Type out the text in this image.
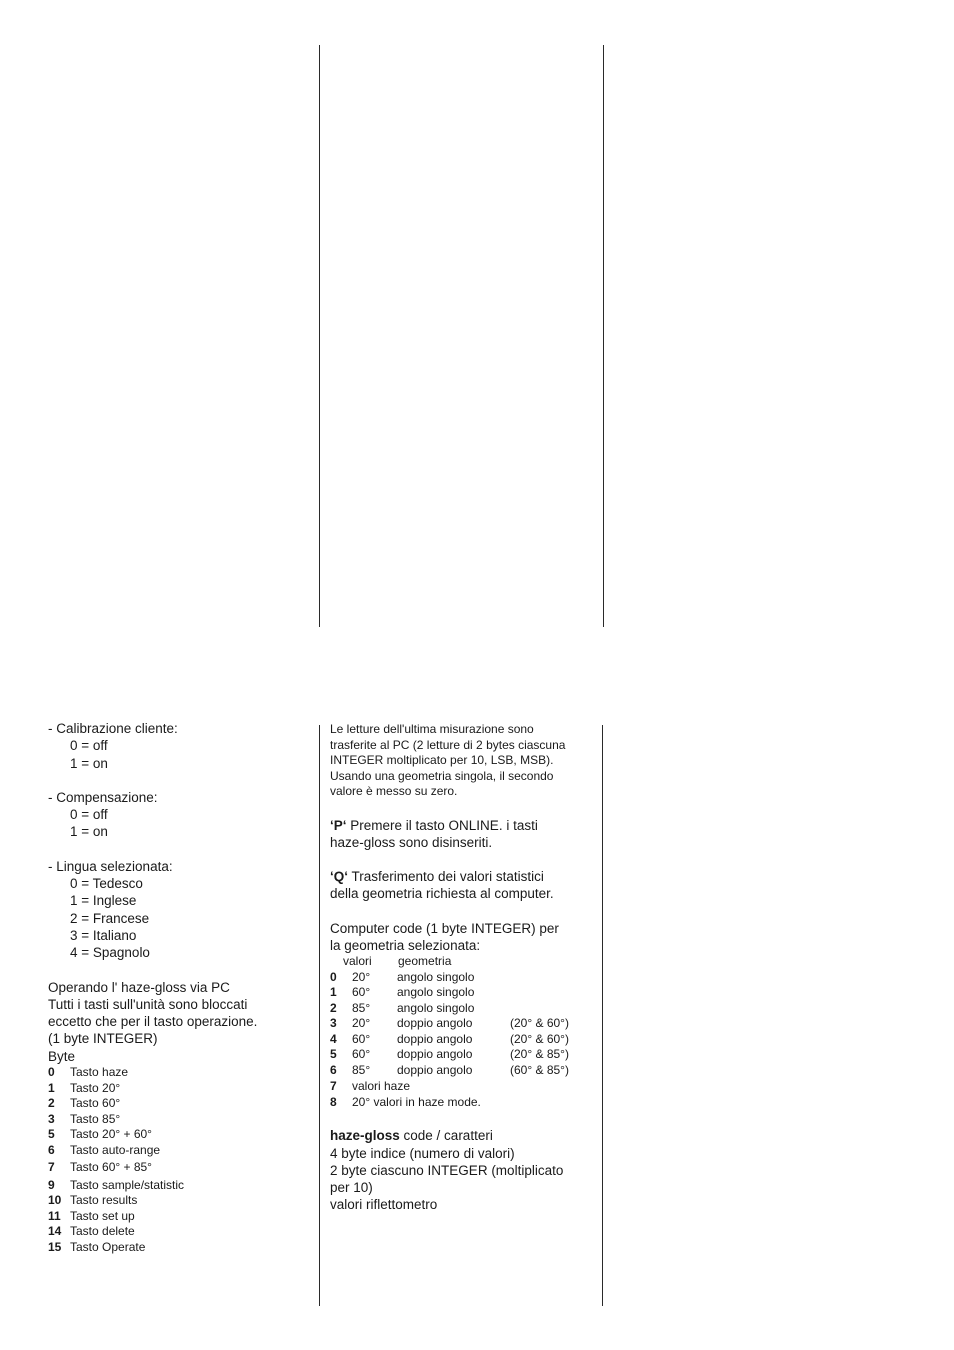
- Calibrazione cliente:
0 = off
1 = on
- Compensazione:
0 = off
1 = on
- Lingua selezionata:
0 = Tedesco
1 = Inglese
2 = Francese
3 = Italiano
4 = Spagnolo
Operando l' haze-gloss via PC
Tutti i tasti sull'unità sono bloccati
eccetto che per il tasto operazione.
(1 byte INTEGER)
Byte
0	Tasto haze
1	Tasto 20°
2	Tasto 60°
3	Tasto 85°
5	Tasto 20° + 60°
6	Tasto auto-range
7	Tasto 60° + 85°
9	Tasto sample/statistic
10 Tasto results
11 Tasto set up
14 Tasto delete
15 Tasto Operate
Le letture dell'ultima misurazione sono
trasferite al PC (2 letture di 2 bytes ciascuna
INTEGER moltiplicato per 10, LSB, MSB).
Usando una geometria singola, il secondo
valore è messo su zero.
‘P‘ Premere il tasto ONLINE. i tasti
haze-gloss sono disinseriti.
‘Q‘ Trasferimento dei valori statistici
della geometria richiesta al computer.
Computer code (1 byte INTEGER) per
la geometria selezionata:
valori	geometria
0	20°	angolo singolo
1	60°	angolo singolo
2	85°	angolo singolo
3	20°	doppio angolo	(20° & 60°)
4	60°	doppio angolo	(20° & 60°)
5	60°	doppio angolo	(20° & 85°)
6	85°	doppio angolo	(60° & 85°)
7	valori haze
8	20° valori in haze mode.
haze-gloss code / caratteri
4 byte indice (numero di valori)
2 byte ciascuno INTEGER (moltiplicato
per 10)
valori riflettometro
